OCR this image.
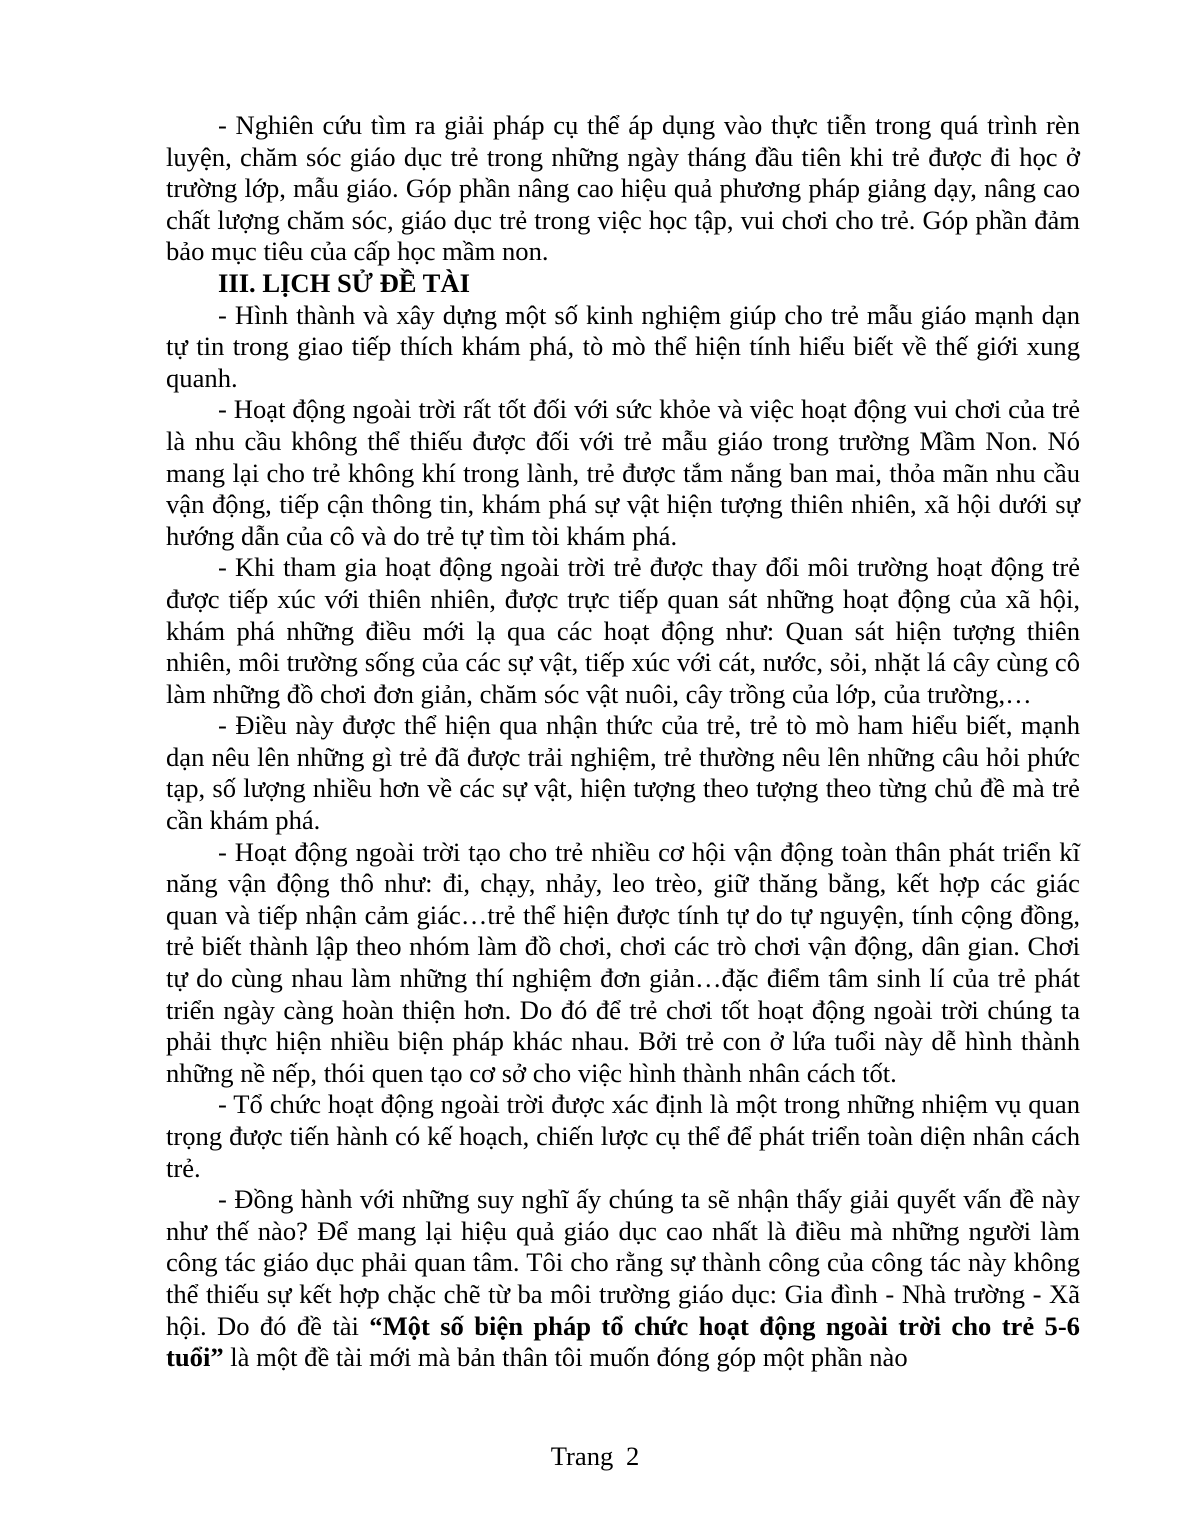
- Nghiên cứu tìm ra giải pháp cụ thể áp dụng vào thực tiễn trong quá trình rèn luyện, chăm sóc giáo dục trẻ trong những ngày tháng đầu tiên khi trẻ được đi học ở trường lớp, mẫu giáo. Góp phần nâng cao hiệu quả phương pháp giảng dạy, nâng cao chất lượng chăm sóc, giáo dục trẻ trong việc học tập, vui chơi cho trẻ. Góp phần đảm bảo mục tiêu của cấp học mầm non.

III. LỊCH SỬ ĐỀ TÀI

- Hình thành và xây dựng một số kinh nghiệm giúp cho trẻ mẫu giáo mạnh dạn tự tin trong giao tiếp thích khám phá, tò mò thể hiện tính hiểu biết về thế giới xung quanh.

- Hoạt động ngoài trời rất tốt đối với sức khỏe và việc hoạt động vui chơi của trẻ là nhu cầu không thể thiếu được đối với trẻ mẫu giáo trong trường Mầm Non. Nó mang lại cho trẻ không khí trong lành, trẻ được tắm nắng ban mai, thỏa mãn nhu cầu vận động, tiếp cận thông tin, khám phá sự vật hiện tượng thiên nhiên, xã hội dưới sự hướng dẫn của cô và do trẻ tự tìm tòi khám phá.

- Khi tham gia hoạt động ngoài trời trẻ được thay đổi môi trường hoạt động trẻ được tiếp xúc với thiên nhiên, được trực tiếp quan sát những hoạt động của xã hội, khám phá những điều mới lạ qua các hoạt động như: Quan sát hiện tượng thiên nhiên, môi trường sống của các sự vật, tiếp xúc với cát, nước, sỏi, nhặt lá cây cùng cô làm những đồ chơi đơn giản, chăm sóc vật nuôi, cây trồng của lớp, của trường,…

- Điều này được thể hiện qua nhận thức của trẻ, trẻ tò mò ham hiểu biết, mạnh dạn nêu lên những gì trẻ đã được trải nghiệm, trẻ thường nêu lên những câu hỏi phức tạp, số lượng nhiều hơn về các sự vật, hiện tượng theo tượng theo từng chủ đề mà trẻ cần khám phá.

- Hoạt động ngoài trời tạo cho trẻ nhiều cơ hội vận động toàn thân phát triển kĩ năng vận động thô như: đi, chạy, nhảy, leo trèo, giữ thăng bằng, kết hợp các giác quan và tiếp nhận cảm giác…trẻ thể hiện được tính tự do tự nguyện, tính cộng đồng, trẻ biết thành lập theo nhóm làm đồ chơi, chơi các trò chơi vận động, dân gian. Chơi tự do cùng nhau làm những thí nghiệm đơn giản…đặc điểm tâm sinh lí của trẻ phát triển ngày càng hoàn thiện hơn. Do đó để trẻ chơi tốt hoạt động ngoài trời chúng ta phải thực hiện nhiều biện pháp khác nhau. Bởi trẻ con ở lứa tuổi này dễ hình thành những nề nếp, thói quen tạo cơ sở cho việc hình thành nhân cách tốt.

- Tổ chức hoạt động ngoài trời được xác định là một trong những nhiệm vụ quan trọng được tiến hành có kế hoạch, chiến lược cụ thể để phát triển toàn diện nhân cách trẻ.

- Đồng hành với những suy nghĩ ấy chúng ta sẽ nhận thấy giải quyết vấn đề này như thế nào? Để mang lại hiệu quả giáo dục cao nhất là điều mà những người làm công tác giáo dục phải quan tâm. Tôi cho rằng sự thành công của công tác này không thể thiếu sự kết hợp chặc chẽ từ ba môi trường giáo dục: Gia đình - Nhà trường - Xã hội. Do đó đề tài “Một số biện pháp tổ chức hoạt động ngoài trời cho trẻ 5-6 tuổi” là một đề tài mới mà bản thân tôi muốn đóng góp một phần nào

Trang 2
